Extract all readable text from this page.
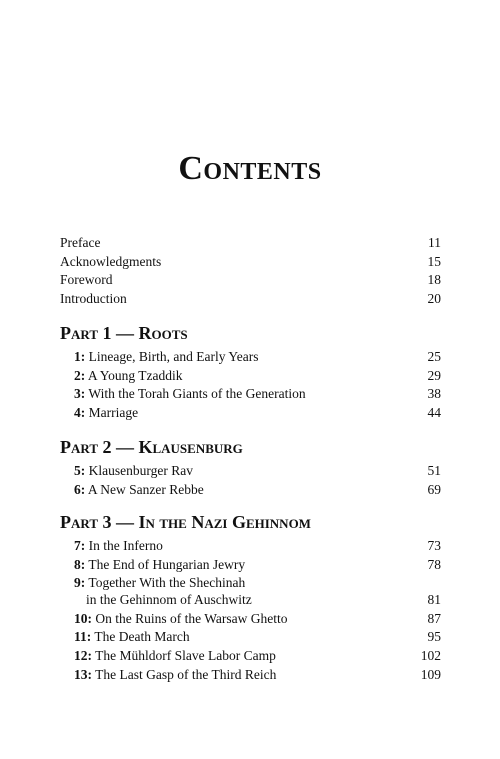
Contents
Preface	11
Acknowledgments	15
Foreword	18
Introduction	20
Part 1 — Roots
1: Lineage, Birth, and Early Years	25
2: A Young Tzaddik	29
3: With the Torah Giants of the Generation	38
4: Marriage	44
Part 2 — Klausenburg
5: Klausenburger Rav	51
6: A New Sanzer Rebbe	69
Part 3 — In the Nazi Gehinnom
7: In the Inferno	73
8: The End of Hungarian Jewry	78
9: Together With the Shechinah
in the Gehinnom of Auschwitz	81
10: On the Ruins of the Warsaw Ghetto	87
11: The Death March	95
12: The Mühldorf Slave Labor Camp	102
13: The Last Gasp of the Third Reich	109
